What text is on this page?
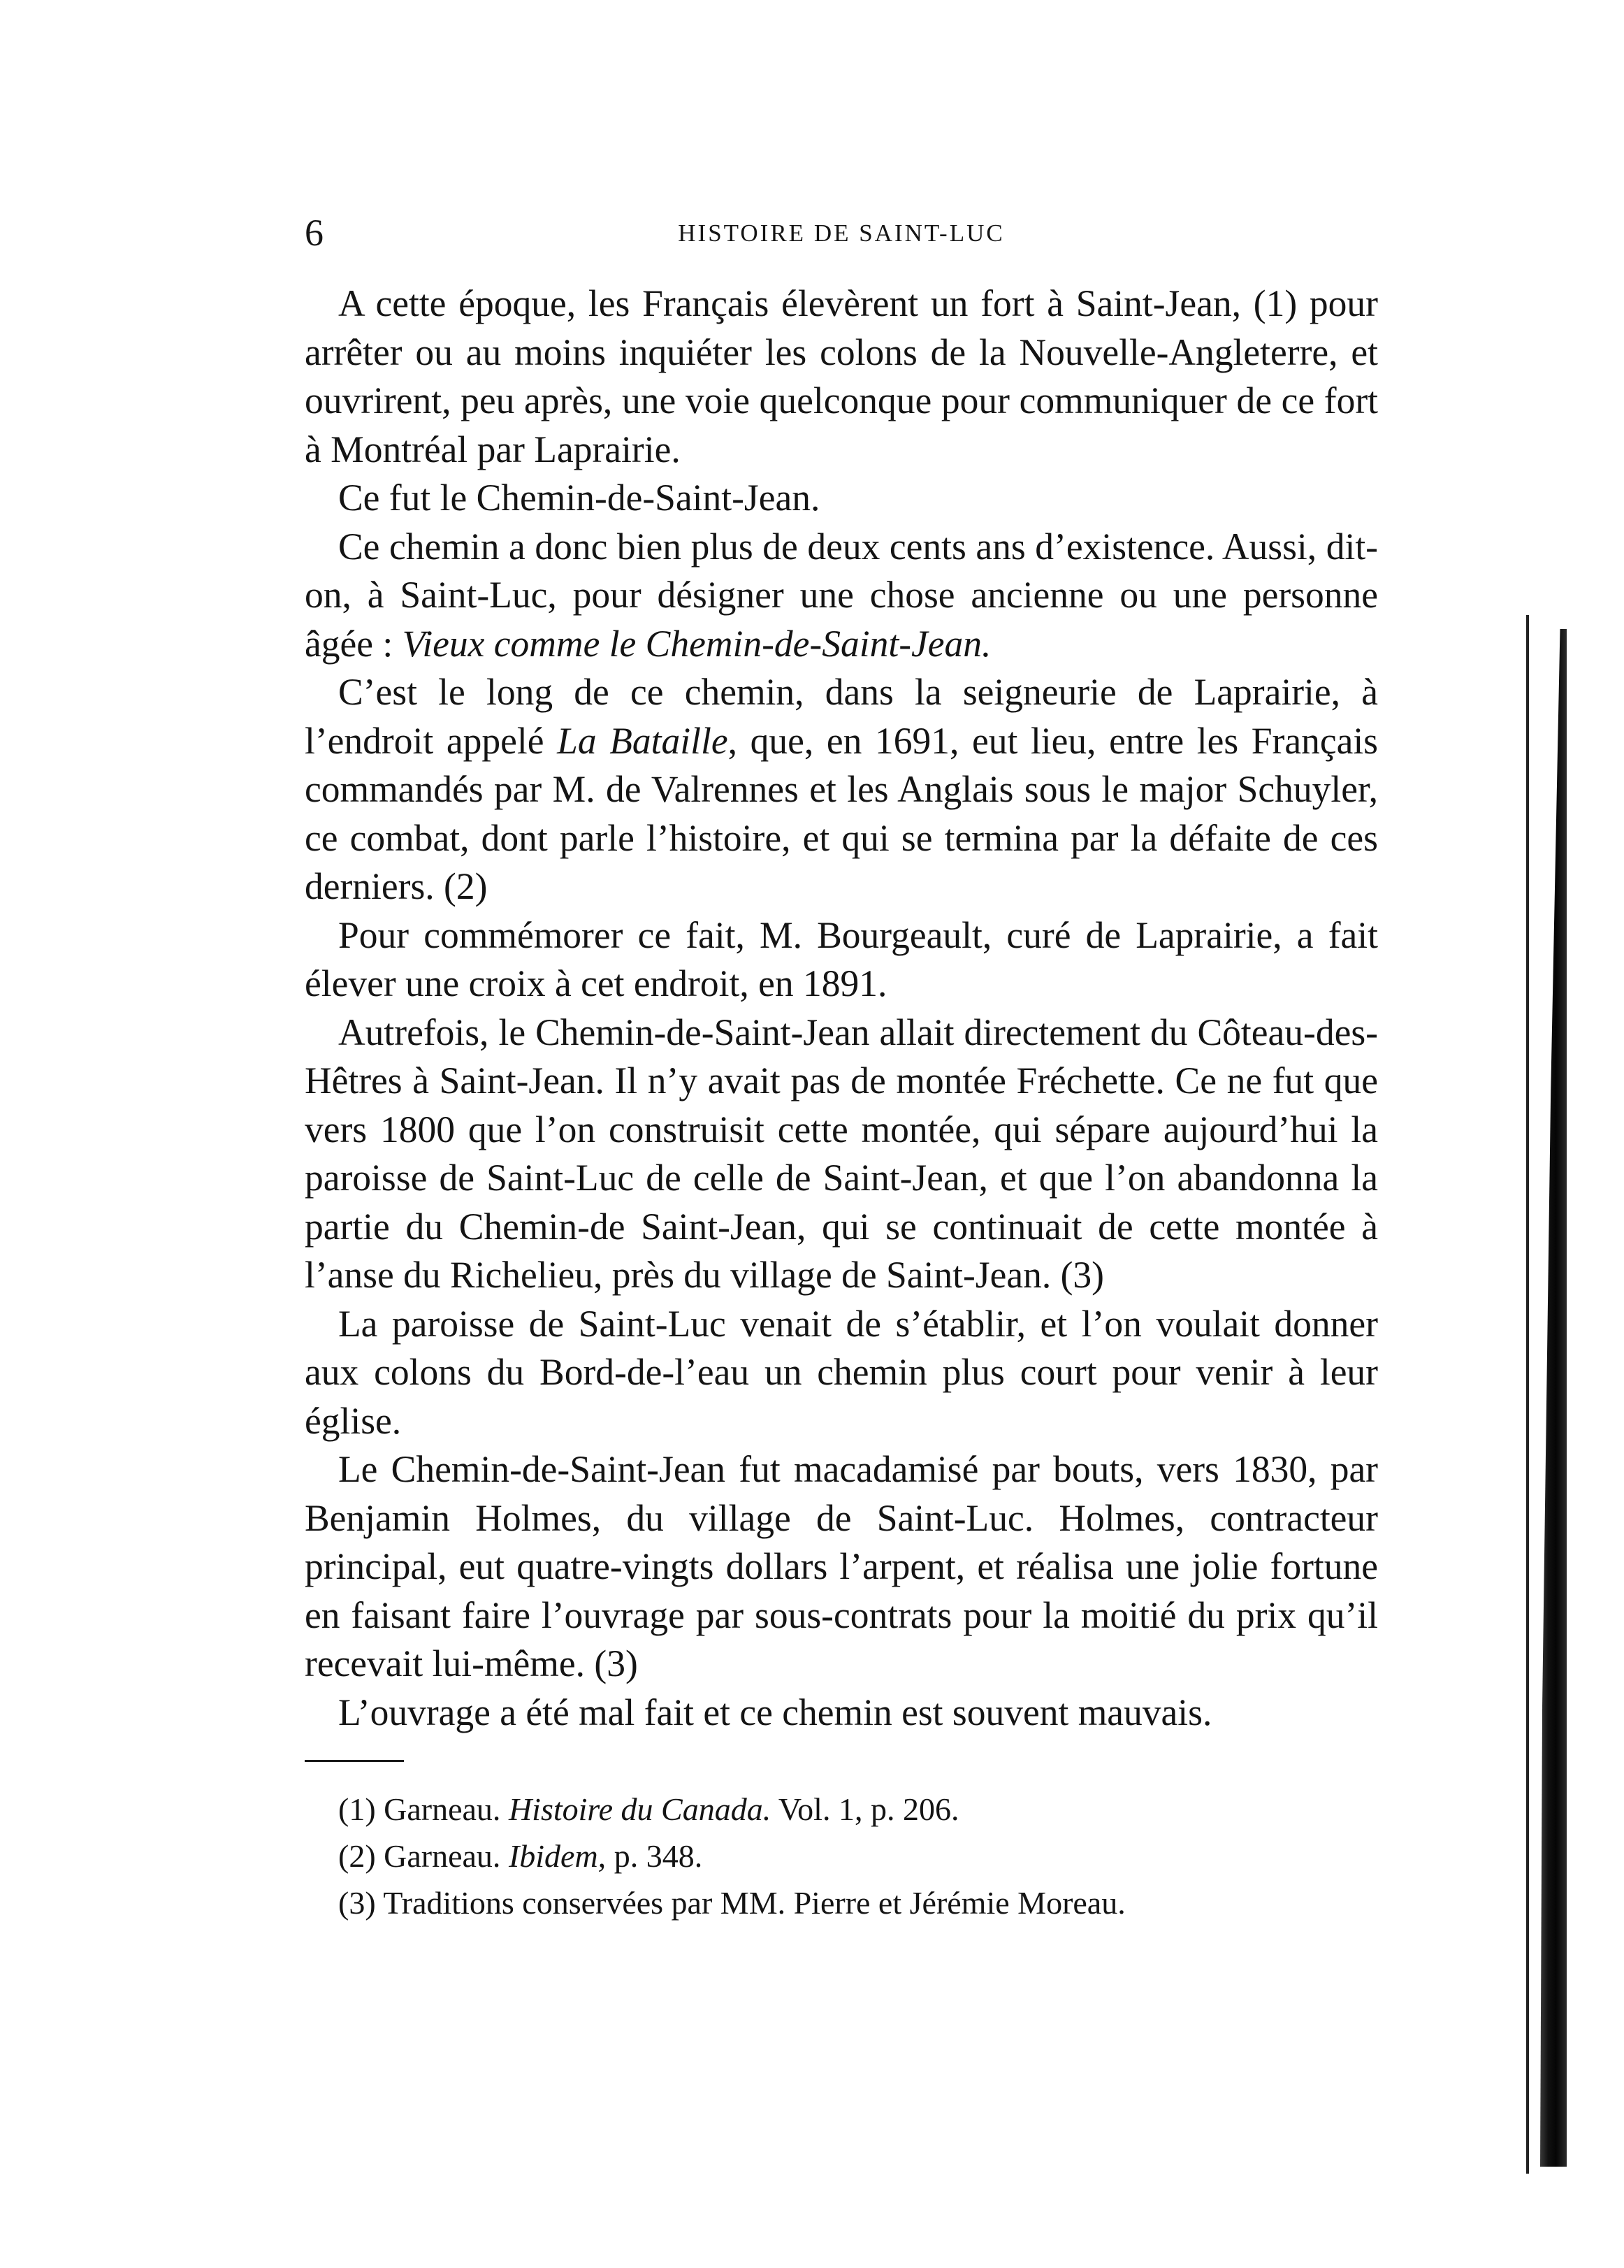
6	HISTOIRE DE SAINT-LUC

A cette époque, les Français élevèrent un fort à Saint-Jean, (1) pour arrêter ou au moins inquiéter les colons de la Nouvelle-Angleterre, et ouvrirent, peu après, une voie quelconque pour communiquer de ce fort à Montréal par Laprairie.

Ce fut le Chemin-de-Saint-Jean.

Ce chemin a donc bien plus de deux cents ans d’existence. Aussi, dit-on, à Saint-Luc, pour désigner une chose ancienne ou une personne âgée : Vieux comme le Chemin-de-Saint-Jean.

C’est le long de ce chemin, dans la seigneurie de Laprairie, à l’endroit appelé La Bataille, que, en 1691, eut lieu, entre les Français commandés par M. de Valrennes et les Anglais sous le major Schuyler, ce combat, dont parle l’histoire, et qui se termina par la défaite de ces derniers. (2)

Pour commémorer ce fait, M. Bourgeault, curé de Laprairie, a fait élever une croix à cet endroit, en 1891.

Autrefois, le Chemin-de-Saint-Jean allait directement du Côteau-des-Hêtres à Saint-Jean. Il n’y avait pas de montée Fréchette. Ce ne fut que vers 1800 que l’on construisit cette montée, qui sépare aujourd’hui la paroisse de Saint-Luc de celle de Saint-Jean, et que l’on abandonna la partie du Chemin-de Saint-Jean, qui se continuait de cette montée à l’anse du Richelieu, près du village de Saint-Jean. (3)

La paroisse de Saint-Luc venait de s’établir, et l’on voulait donner aux colons du Bord-de-l’eau un chemin plus court pour venir à leur église.

Le Chemin-de-Saint-Jean fut macadamisé par bouts, vers 1830, par Benjamin Holmes, du village de Saint-Luc. Holmes, contracteur principal, eut quatre-vingts dollars l’arpent, et réalisa une jolie fortune en faisant faire l’ouvrage par sous-contrats pour la moitié du prix qu’il recevait lui-même. (3)

L’ouvrage a été mal fait et ce chemin est souvent mauvais.

(1) Garneau. Histoire du Canada. Vol. 1, p. 206.

(2) Garneau. Ibidem, p. 348.

(3) Traditions conservées par MM. Pierre et Jérémie Moreau.
